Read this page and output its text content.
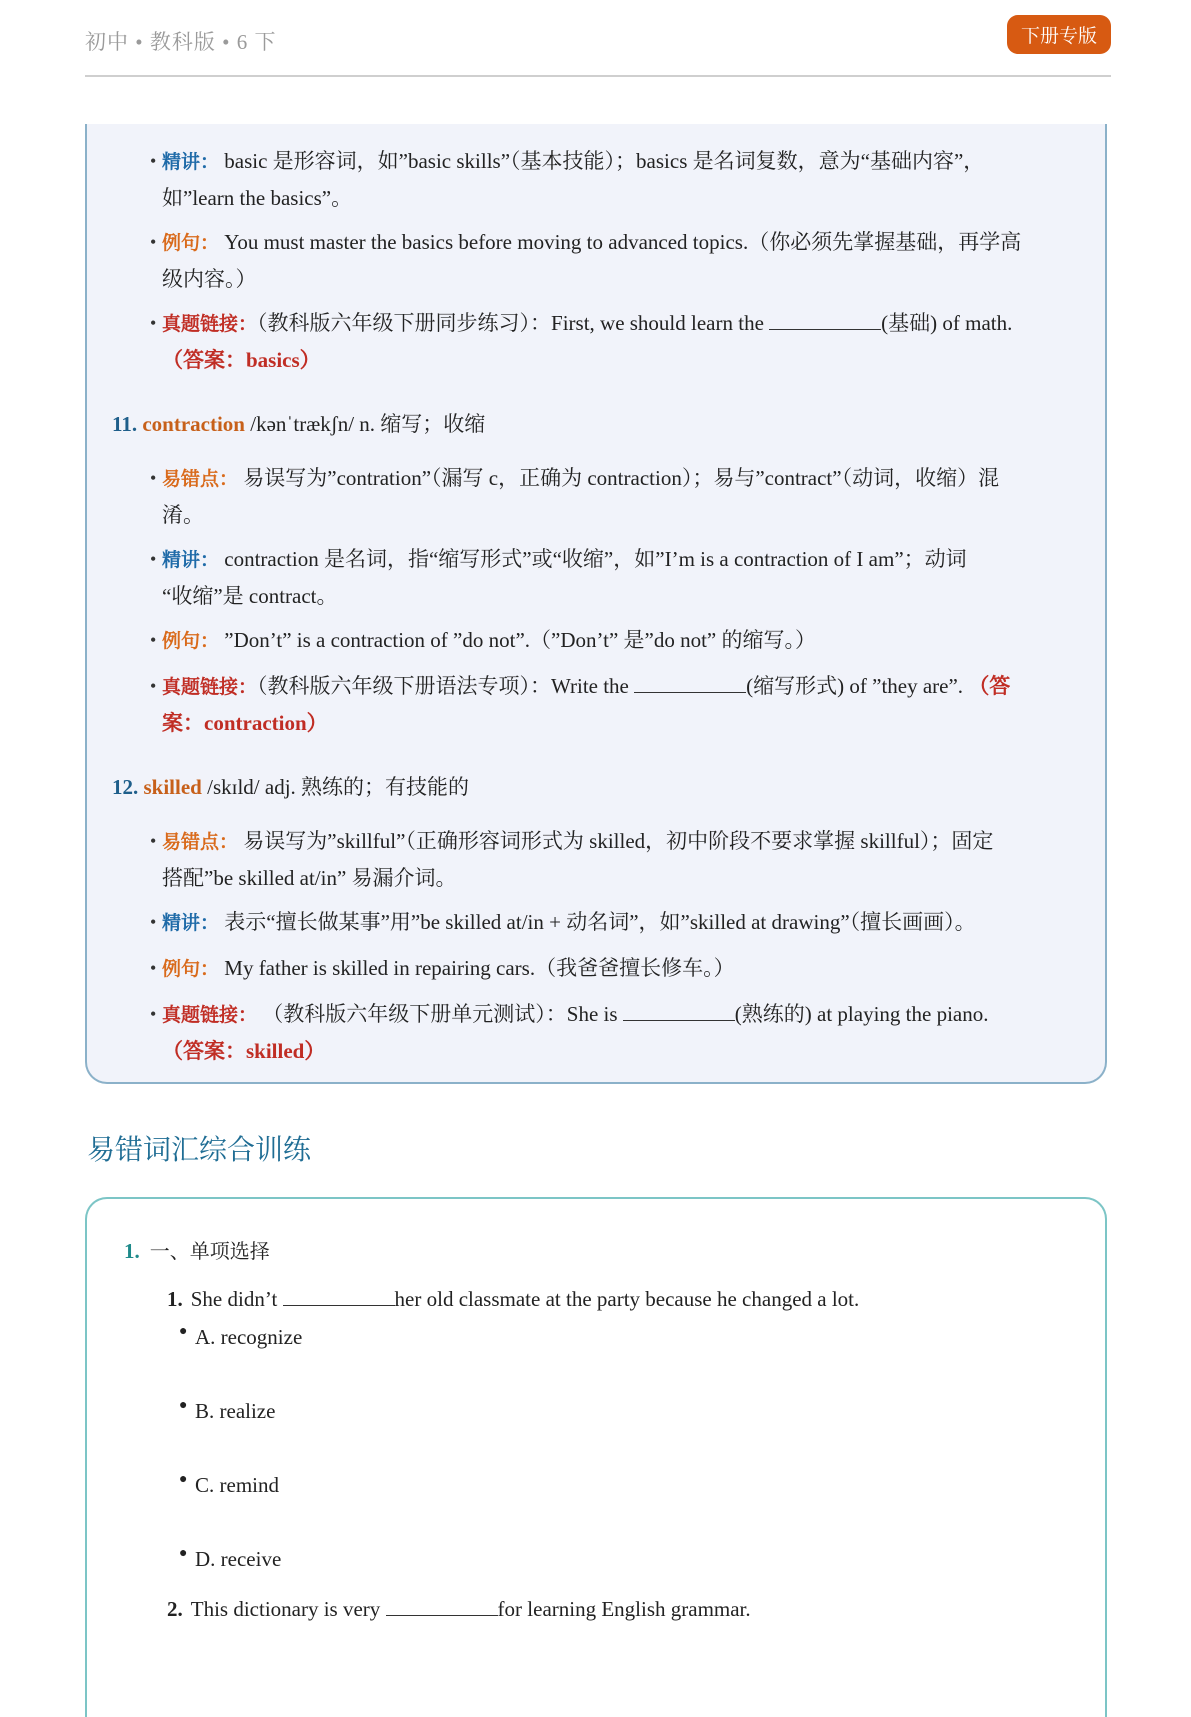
初中 • 教科版 • 6 下	下册专版
• 精讲： basic 是形容词，如”basic skills”（基本技能）；basics 是名词复数，意为“基础内容”，
如”learn the basics”。
• 例句： You must master the basics before moving to advanced topics.（你必须先掌握基础，再学高
级内容。）
• 真题链接：（教科版六年级下册同步练习）：First, we should learn the	(基础) of math.
（答案：basics）
11. contraction /kənˈtrækʃn/ n. 缩写；收缩
• 易错点： 易误写为”contration”（漏写 c，正确为 contraction）；易与”contract”（动词，收缩）混
淆。
• 精讲： contraction 是名词，指“缩写形式”或“收缩”，如”I’m is a contraction of I am”；动词
“收缩”是 contract。
• 例句： ”Don’t” is a contraction of ”do not”.（”Don’t” 是”do not” 的缩写。）
• 真题链接：（教科版六年级下册语法专项）：Write the	(缩写形式) of ”they are”. （答
案：contraction）
12. skilled /skɪld/ adj. 熟练的；有技能的
• 易错点： 易误写为”skillful”（正确形容词形式为 skilled，初中阶段不要求掌握 skillful）；固定
搭配”be skilled at/in” 易漏介词。
• 精讲： 表示“擅长做某事”用”be skilled at/in + 动名词”，如”skilled at drawing”（擅长画画）。
• 例句： My father is skilled in repairing cars.（我爸爸擅长修车。）
• 真题链接： （教科版六年级下册单元测试）：She is	(熟练的) at playing the piano.
（答案：skilled）
易错词汇综合训练
1. 一、单项选择
1. She didn’t	her old classmate at the party because he changed a lot.
● A. recognize
● B. realize
● C. remind
● D. receive
2. This dictionary is very	for learning English grammar.
